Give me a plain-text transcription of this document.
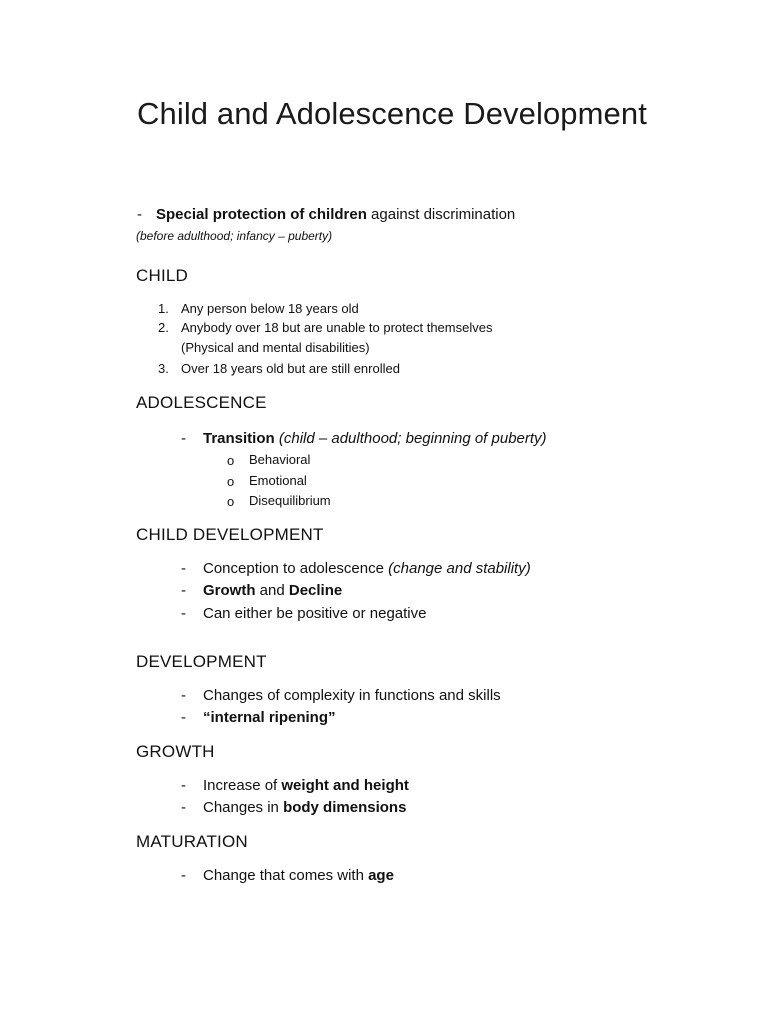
Child and Adolescence Development
- Special protection of children against discrimination
(before adulthood; infancy – puberty)
CHILD
1. Any person below 18 years old
2. Anybody over 18 but are unable to protect themselves
(Physical and mental disabilities)
3. Over 18 years old but are still enrolled
ADOLESCENCE
- Transition (child – adulthood; beginning of puberty)
o Behavioral
o Emotional
o Disequilibrium
CHILD DEVELOPMENT
- Conception to adolescence (change and stability)
- Growth and Decline
- Can either be positive or negative
DEVELOPMENT
- Changes of complexity in functions and skills
- “internal ripening”
GROWTH
- Increase of weight and height
- Changes in body dimensions
MATURATION
- Change that comes with age
